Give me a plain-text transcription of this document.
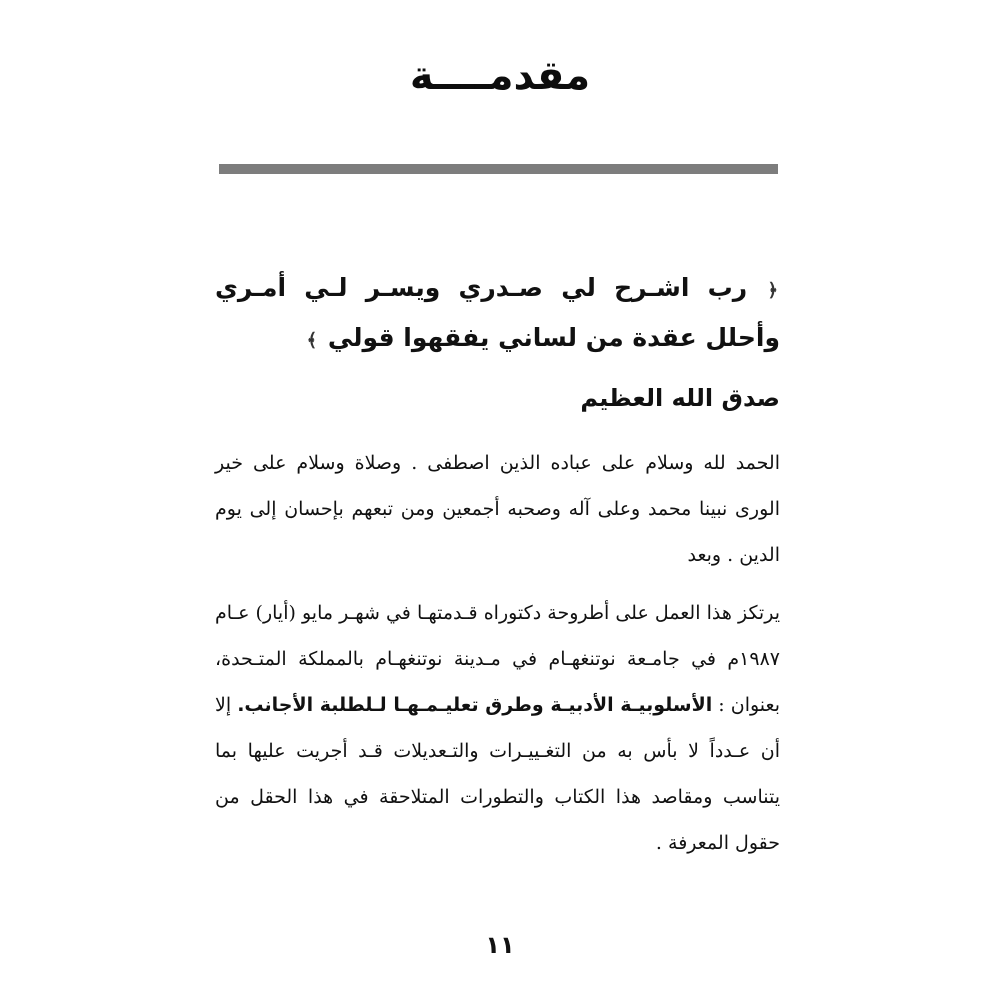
مقدمــــة

﴿ رب اشـرح لي صـدري ويسـر لـي أمـري وأحلل عقدة من لساني يفقهوا قولي ﴾

صدق الله العظيم

الحمد لله وسلام على عباده الذين اصطفى . وصلاة وسلام على خير الورى نبينا محمد وعلى آله وصحبه أجمعين ومن تبعهم بإحسان إلى يوم الدين . وبعد

يرتكز هذا العمل على أطروحة دكتوراه قـدمتهـا في شهـر مايو (أيار) عـام ١٩٨٧م في جامـعة نوتنغهـام في مـدينة نوتنغهـام بالمملكة المتـحدة، بعنوان : الأسلوبيـة الأدبيـة وطرق تعليـمـهـا لـلطلبة الأجانب. إلا أن عـدداً لا بأس به من التغـييـرات والتـعديلات قـد أجريت عليها بما يتناسب ومقاصد هذا الكتاب والتطورات المتلاحقة في هذا الحقل من حقول المعرفة .

١١
